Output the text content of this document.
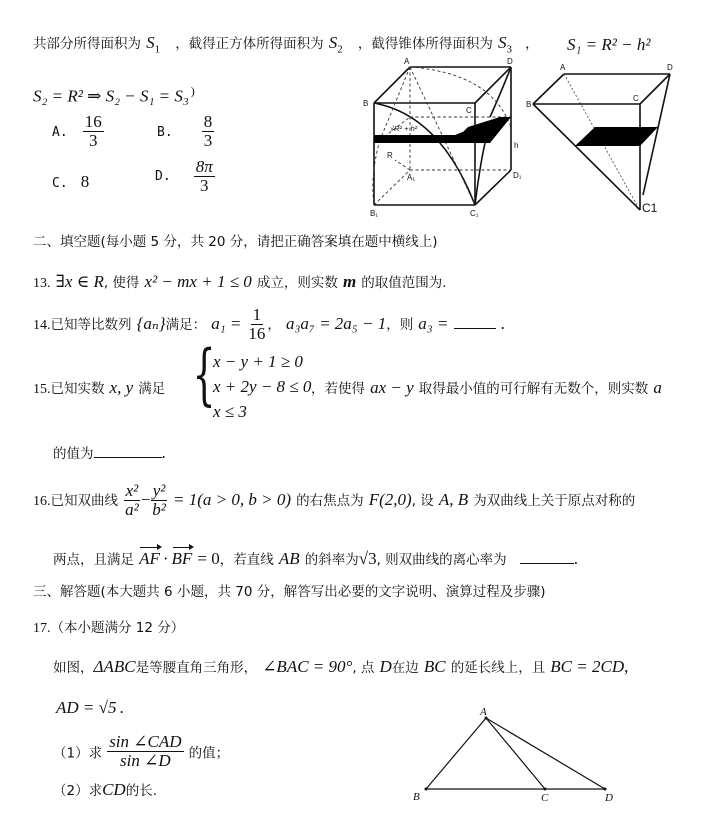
共部分所得面积为 $S_1$ ，截得正方体所得面积为 $S_2$ ，截得锥体所得面积为 $S_3$ ， S₁ = R² − h²
S₂ = R² ⇒ S₂ − S₁ = S₃ )
A. $\frac{16}{3}$	B. $\frac{8}{3}$
C. 8	D. $\frac{8\pi}{3}$
A	D
B
C
A₁	D₁
B₁	C₁
h
R
√R² + h²
A	D
B
C
C1
二、填空题(每小题 5 分，共 20 分，请把正确答案填在题中横线上)
13. ∃x ∈ R, 使得 x² − mx + 1 ≤ 0 成立，则实数 m 的取值范围为.
14.已知等比数列 {aₙ}满足： $a_1 = \frac{1}{16}$ ， a₃a₇ = 2a₅ − 1，则 a₃ =	.
15.已知实数 x, y 满足 {
x − y + 1 ≥ 0
x + 2y − 8 ≤ 0
x ≤ 3
，若使得 ax − y 取得最小值的可行解有无数个，则实数 a
的值为	.
16.已知双曲线 $\frac{\text{x²}}{\text{a²}} - \frac{\text{y²}}{\text{b²}} = 1(a > 0$, b > 0) 的右焦点为 F(2,0), 设 A, B 为双曲线上关于原点对称的
两点，且满足 AF · BF = 0，若直线 AB 的斜率为√3, 则双曲线的离心率为	.
三、解答题(本大题共 6 小题，共 70 分，解答写出必要的文字说明、演算过程及步骤)
17.（本小题满分 12 分）
如图，ΔABC是等腰直角三角形， ∠BAC = 90°, 点 D在边 BC 的延长线上，且 BC = 2CD,
AD = √5 .
（1）求 $\frac{\text{sin ∠CAD}}{\sin \angle D}$ 的值；
（2）求CD的长.
A
B	C	D
